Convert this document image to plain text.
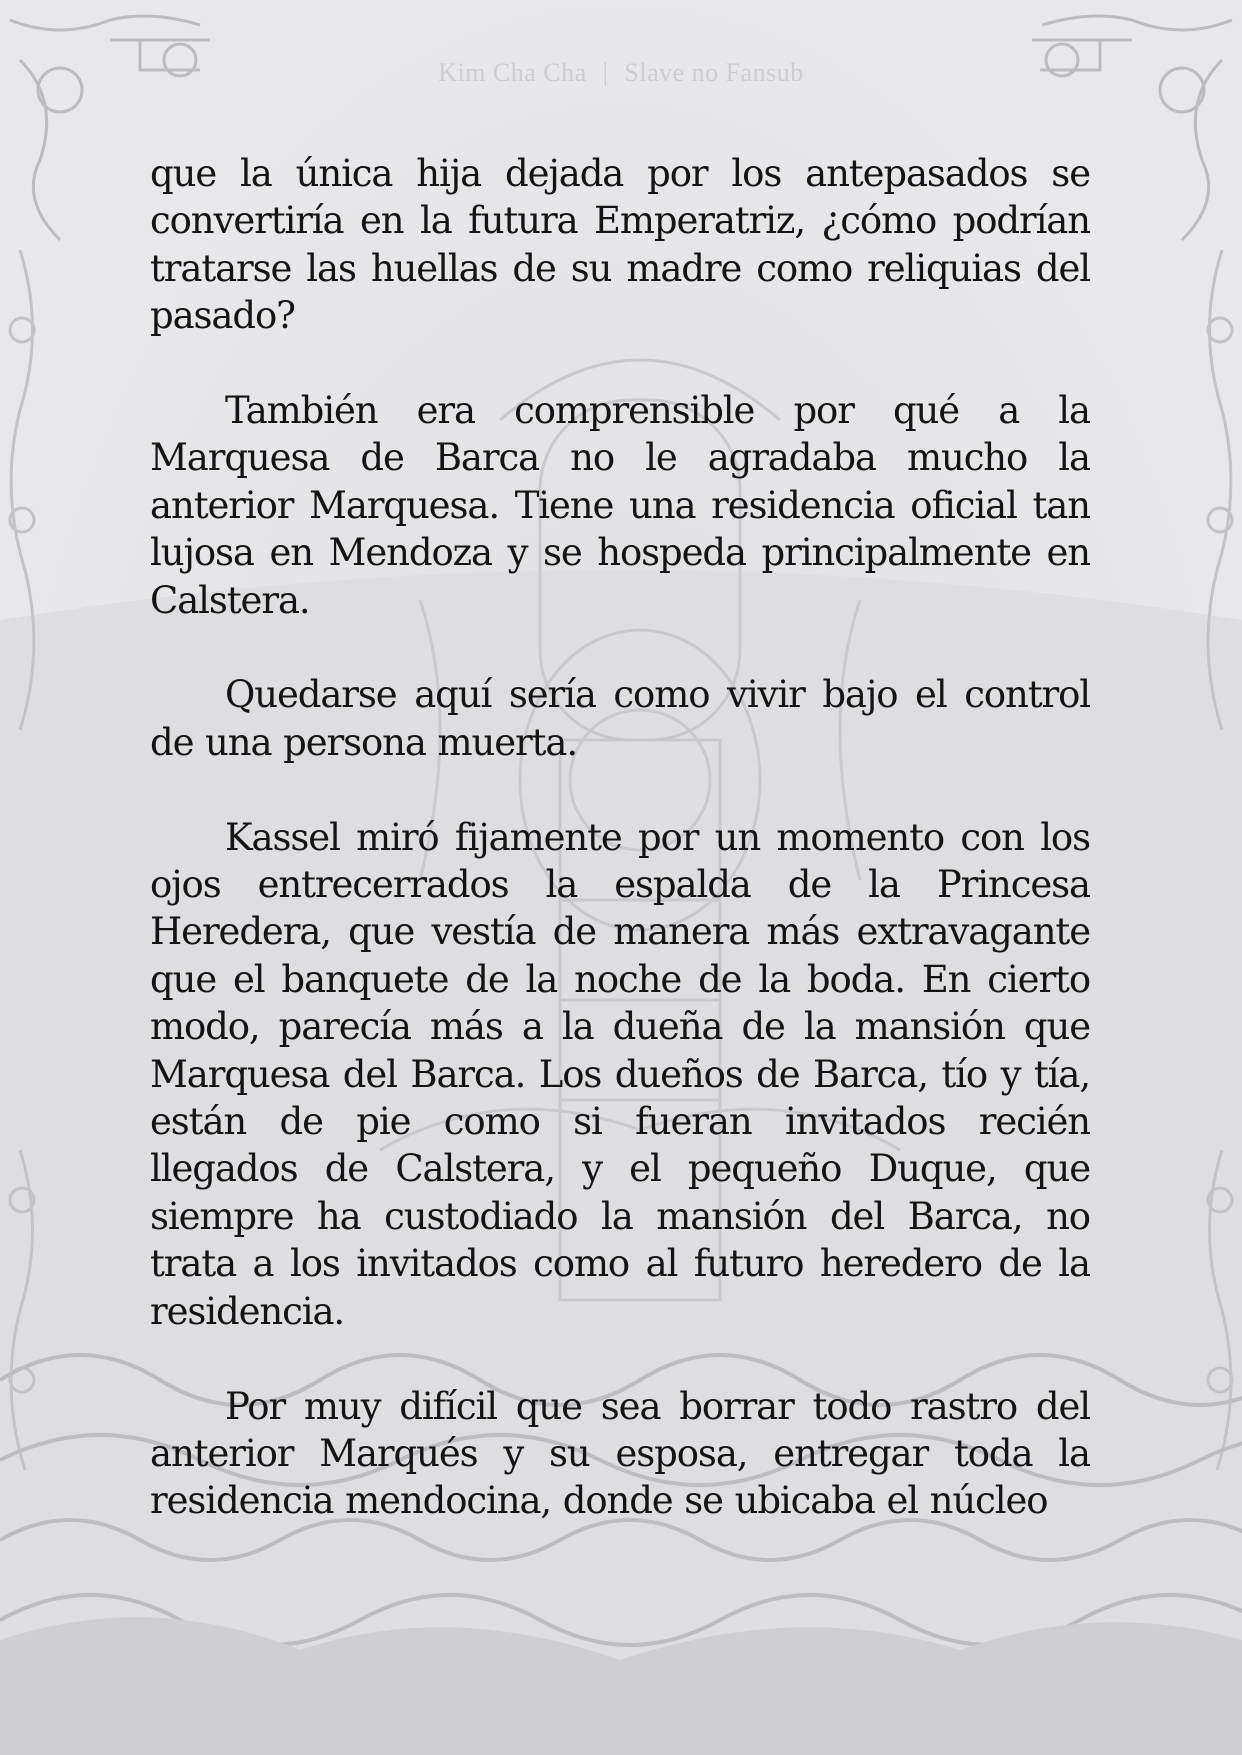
Kim Cha Cha | Slave no Fansub

que la única hija dejada por los antepasados se convertiría en la futura Emperatriz, ¿cómo podrían tratarse las huellas de su madre como reliquias del pasado?

También era comprensible por qué a la Marquesa de Barca no le agradaba mucho la anterior Marquesa. Tiene una residencia oficial tan lujosa en Mendoza y se hospeda principalmente en Calstera.

Quedarse aquí sería como vivir bajo el control de una persona muerta.

Kassel miró fijamente por un momento con los ojos entrecerrados la espalda de la Princesa Heredera, que vestía de manera más extravagante que el banquete de la noche de la boda. En cierto modo, parecía más a la dueña de la mansión que Marquesa del Barca. Los dueños de Barca, tío y tía, están de pie como si fueran invitados recién llegados de Calstera, y el pequeño Duque, que siempre ha custodiado la mansión del Barca, no trata a los invitados como al futuro heredero de la residencia.

Por muy difícil que sea borrar todo rastro del anterior Marqués y su esposa, entregar toda la residencia mendocina, donde se ubicaba el núcleo
